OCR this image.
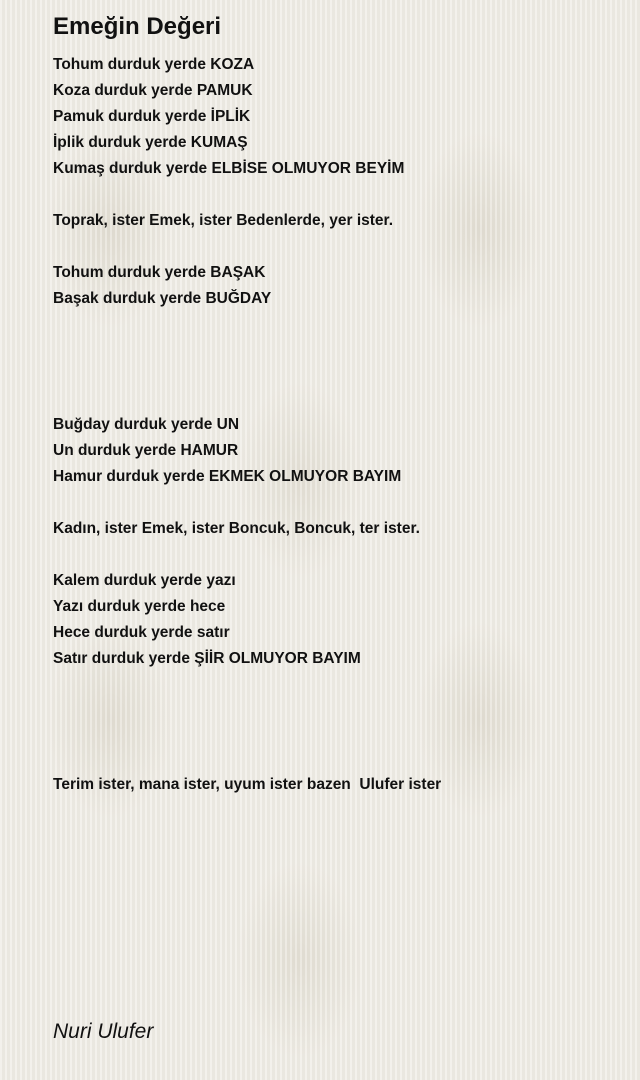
Emeğin Değeri
Tohum durduk yerde KOZA
Koza durduk yerde PAMUK
Pamuk durduk yerde İPLİK
İplik durduk yerde KUMAŞ
Kumaş durduk yerde ELBİSE OLMUYOR BEYİM
Toprak, ister Emek, ister Bedenlerde, yer ister.
Tohum durduk yerde BAŞAK
Başak durduk yerde BUĞDAY
Buğday durduk yerde UN
Un durduk yerde HAMUR
Hamur durduk yerde EKMEK OLMUYOR BAYIM
Kadın, ister Emek, ister Boncuk, Boncuk, ter ister.
Kalem durduk yerde yazı
Yazı durduk yerde hece
Hece durduk yerde satır
Satır durduk yerde ŞİİR OLMUYOR BAYIM
Terim ister, mana ister, uyum ister bazen  Ulufer ister
Nuri Ulufer
